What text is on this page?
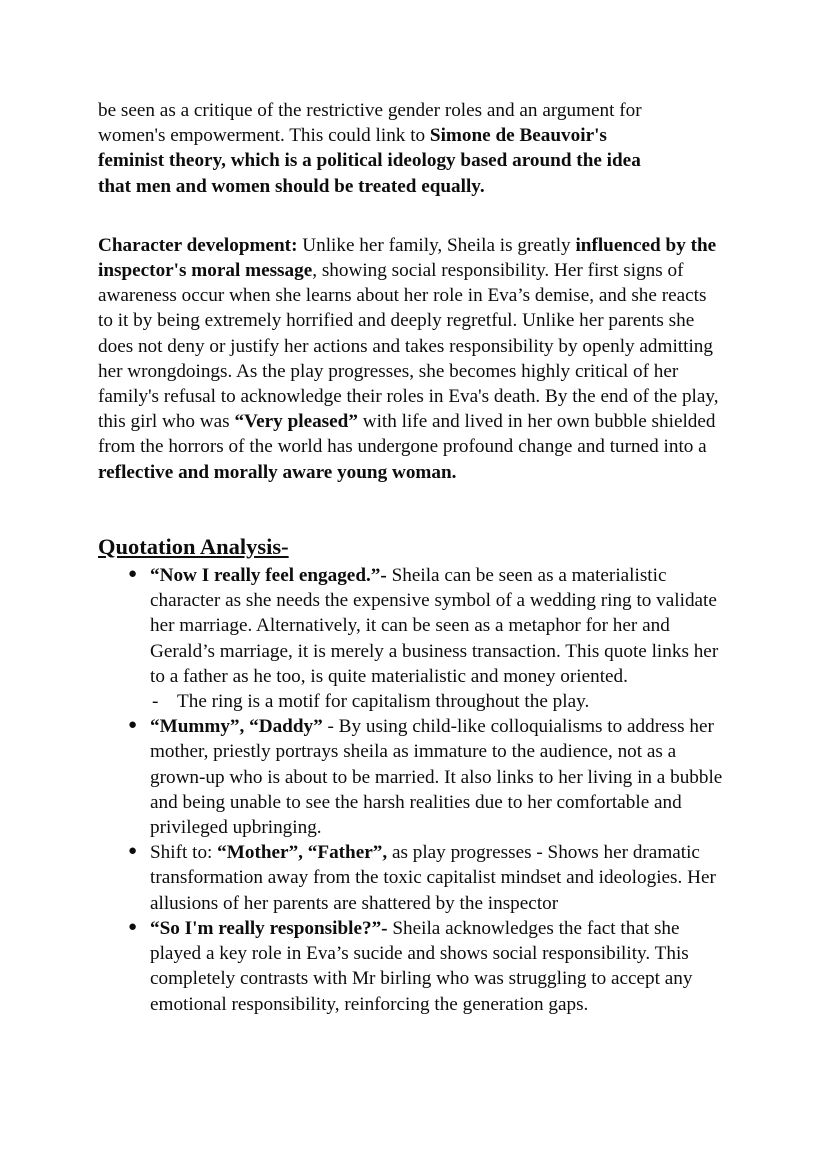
be seen as a critique of the restrictive gender roles and an argument for women's empowerment. This could link to Simone de Beauvoir's feminist theory, which is a political ideology based around the idea that men and women should be treated equally.

Character development: Unlike her family, Sheila is greatly influenced by the inspector's moral message, showing social responsibility. Her first signs of awareness occur when she learns about her role in Eva’s demise, and she reacts to it by being extremely horrified and deeply regretful. Unlike her parents she does not deny or justify her actions and takes responsibility by openly admitting her wrongdoings. As the play progresses, she becomes highly critical of her family's refusal to acknowledge their roles in Eva's death. By the end of the play, this girl who was “Very pleased” with life and lived in her own bubble shielded from the horrors of the world has undergone profound change and turned into a reflective and morally aware young woman.

Quotation Analysis-
● “Now I really feel engaged.”- Sheila can be seen as a materialistic character as she needs the expensive symbol of a wedding ring to validate her marriage. Alternatively, it can be seen as a metaphor for her and Gerald’s marriage, it is merely a business transaction. This quote links her to a father as he too, is quite materialistic and money oriented.
- The ring is a motif for capitalism throughout the play.
● “Mummy”, “Daddy” - By using child-like colloquialisms to address her mother, priestly portrays sheila as immature to the audience, not as a grown-up who is about to be married. It also links to her living in a bubble and being unable to see the harsh realities due to her comfortable and privileged upbringing.
● Shift to: “Mother”, “Father”, as play progresses - Shows her dramatic transformation away from the toxic capitalist mindset and ideologies. Her allusions of her parents are shattered by the inspector
● “So I'm really responsible?”- Sheila acknowledges the fact that she played a key role in Eva’s sucide and shows social responsibility. This completely contrasts with Mr birling who was struggling to accept any emotional responsibility, reinforcing the generation gaps.
